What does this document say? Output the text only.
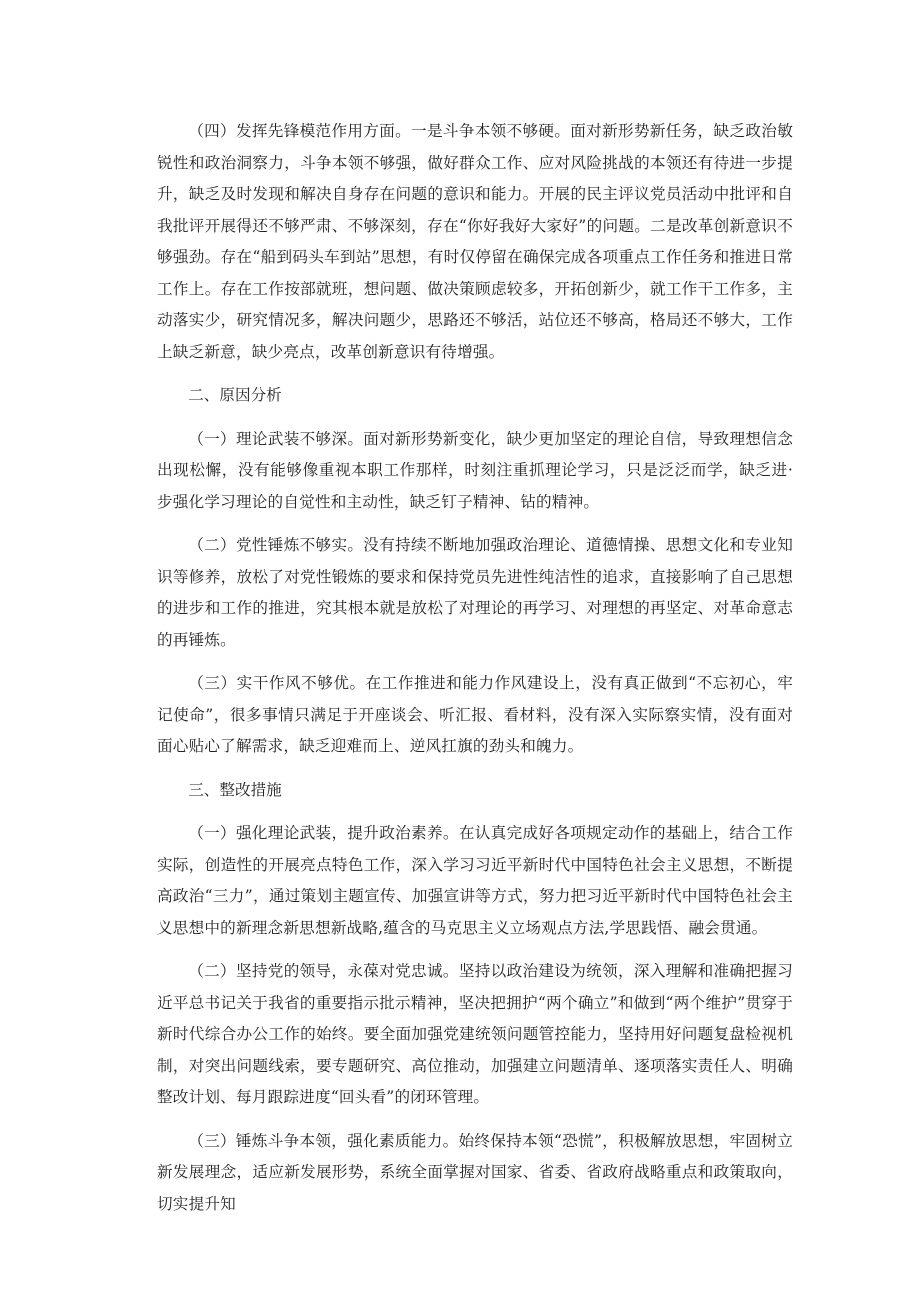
（四）发挥先锋模范作用方面。一是斗争本领不够硬。面对新形势新任务，缺乏政治敏锐性和政治洞察力，斗争本领不够强，做好群众工作、应对风险挑战的本领还有待进一步提升，缺乏及时发现和解决自身存在问题的意识和能力。开展的民主评议党员活动中批评和自我批评开展得还不够严肃、不够深刻，存在“你好我好大家好”的问题。二是改革创新意识不够强劲。存在“船到码头车到站”思想，有时仅停留在确保完成各项重点工作任务和推进日常工作上。存在工作按部就班，想问题、做决策顾虑较多，开拓创新少，就工作干工作多，主动落实少，研究情况多，解决问题少，思路还不够活，站位还不够高，格局还不够大，工作上缺乏新意，缺少亮点，改革创新意识有待增强。

二、原因分析

（一）理论武装不够深。面对新形势新变化，缺少更加坚定的理论自信，导致理想信念出现松懈，没有能够像重视本职工作那样，时刻注重抓理论学习，只是泛泛而学，缺乏进·步强化学习理论的自觉性和主动性，缺乏钉子精神、钻的精神。

（二）党性锤炼不够实。没有持续不断地加强政治理论、道德情操、思想文化和专业知识等修养，放松了对党性锻炼的要求和保持党员先进性纯洁性的追求，直接影响了自己思想的进步和工作的推进，究其根本就是放松了对理论的再学习、对理想的再坚定、对革命意志的再锤炼。

（三）实干作风不够优。在工作推进和能力作风建设上，没有真正做到“不忘初心，牢记使命”，很多事情只满足于开座谈会、听汇报、看材料，没有深入实际察实情，没有面对面心贴心了解需求，缺乏迎难而上、逆风扛旗的劲头和魄力。

三、整改措施

（一）强化理论武装，提升政治素养。在认真完成好各项规定动作的基础上，结合工作实际，创造性的开展亮点特色工作，深入学习习近平新时代中国特色社会主义思想，不断提高政治“三力”，通过策划主题宣传、加强宣讲等方式，努力把习近平新时代中国特色社会主义思想中的新理念新思想新战略,蕴含的马克思主义立场观点方法,学思践悟、融会贯通。

（二）坚持党的领导，永葆对党忠诚。坚持以政治建设为统领，深入理解和准确把握习近平总书记关于我省的重要指示批示精神，坚决把拥护“两个确立”和做到“两个维护”贯穿于新时代综合办公工作的始终。要全面加强党建统领问题管控能力，坚持用好问题复盘检视机制，对突出问题线索，要专题研究、高位推动，加强建立问题清单、逐项落实责任人、明确整改计划、每月跟踪进度“回头看”的闭环管理。

（三）锤炼斗争本领，强化素质能力。始终保持本领“恐慌”，积极解放思想，牢固树立新发展理念，适应新发展形势，系统全面掌握对国家、省委、省政府战略重点和政策取向，切实提升知
